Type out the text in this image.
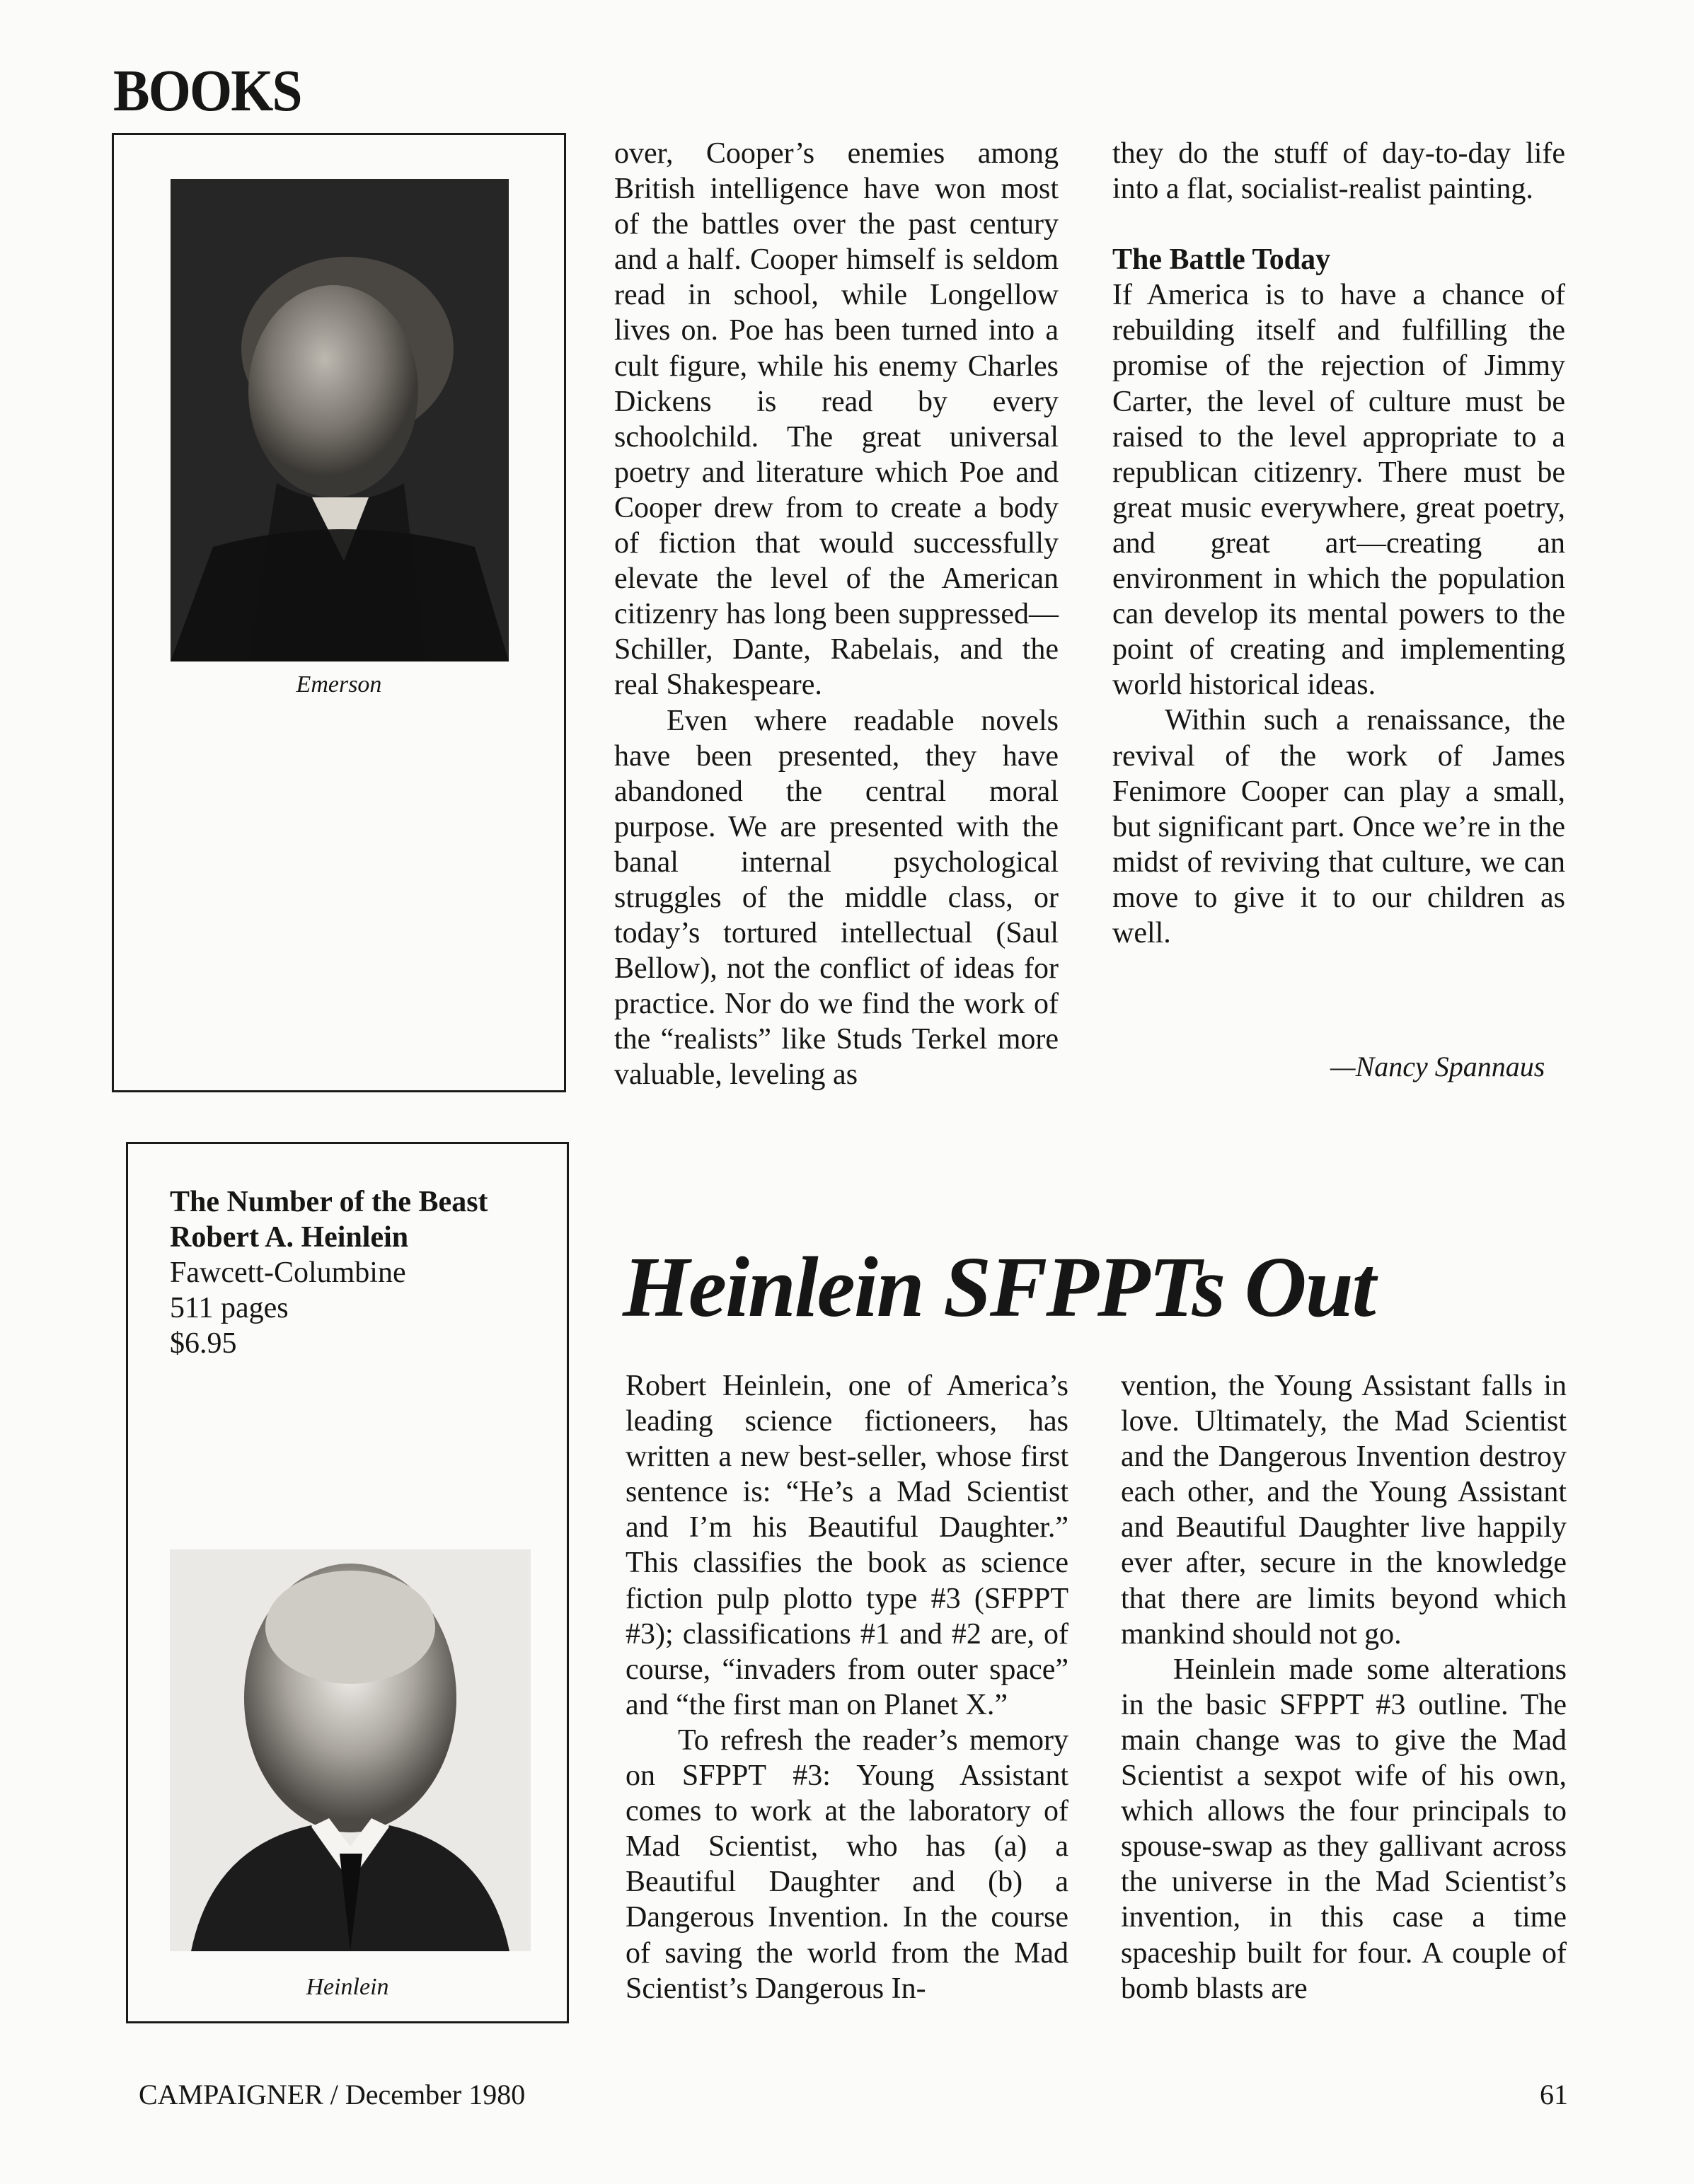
BOOKS

Emerson

over, Cooper’s enemies among British intelligence have won most of the battles over the past century and a half. Cooper himself is seldom read in school, while Longellow lives on. Poe has been turned into a cult figure, while his enemy Charles Dickens is read by every schoolchild. The great universal poetry and literature which Poe and Cooper drew from to create a body of fiction that would successfully elevate the level of the American citizenry has long been suppressed—Schiller, Dante, Rabelais, and the real Shakespeare.

Even where readable novels have been presented, they have abandoned the central moral purpose. We are presented with the banal internal psychological struggles of the middle class, or today’s tortured intellectual (Saul Bellow), not the conflict of ideas for practice. Nor do we find the work of the “realists” like Studs Terkel more valuable, leveling as

they do the stuff of day-to-day life into a flat, socialist-realist painting.

The Battle Today

If America is to have a chance of rebuilding itself and fulfilling the promise of the rejection of Jimmy Carter, the level of culture must be raised to the level appropriate to a republican citizenry. There must be great music everywhere, great poetry, and great art—creating an environment in which the population can develop its mental powers to the point of creating and implementing world historical ideas.

Within such a renaissance, the revival of the work of James Fenimore Cooper can play a small, but significant part. Once we’re in the midst of reviving that culture, we can move to give it to our children as well.

—Nancy Spannaus

The Number of the Beast
Robert A. Heinlein
Fawcett-Columbine
511 pages
$6.95

Heinlein

Heinlein SFPPTs Out

Robert Heinlein, one of America’s leading science fictioneers, has written a new best-seller, whose first sentence is: “He’s a Mad Scientist and I’m his Beautiful Daughter.” This classifies the book as science fiction pulp plotto type #3 (SFPPT #3); classifications #1 and #2 are, of course, “invaders from outer space” and “the first man on Planet X.”

To refresh the reader’s memory on SFPPT #3: Young Assistant comes to work at the laboratory of Mad Scientist, who has (a) a Beautiful Daughter and (b) a Dangerous Invention. In the course of saving the world from the Mad Scientist’s Dangerous In-

vention, the Young Assistant falls in love. Ultimately, the Mad Scientist and the Dangerous Invention destroy each other, and the Young Assistant and Beautiful Daughter live happily ever after, secure in the knowledge that there are limits beyond which mankind should not go.

Heinlein made some alterations in the basic SFPPT #3 outline. The main change was to give the Mad Scientist a sexpot wife of his own, which allows the four principals to spouse-swap as they gallivant across the universe in the Mad Scientist’s invention, in this case a time spaceship built for four. A couple of bomb blasts are

CAMPAIGNER / December 1980	61
